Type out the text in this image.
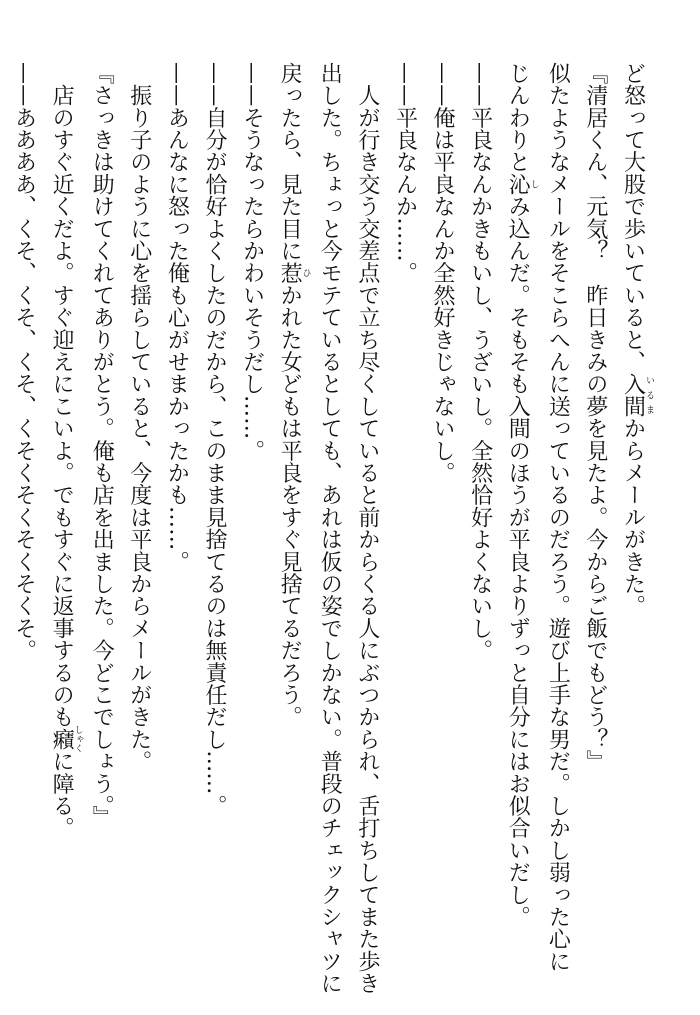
ど怒って大股で歩いていると、入間いるまからメールがきた。
『清居くん、元気？　昨日きみの夢を見たよ。今からご飯でもどう？』
似たようなメールをそこらへんに送っているのだろう。遊び上手な男だ。しかし弱った心に
じんわりと沁しみ込んだ。そもそも入間のほうが平良よりずっと自分にはお似合いだし。
——平良なんかきもいし、うざいし。全然恰好よくないし。
——俺は平良なんか全然好きじゃないし。
——平良なんか……。
　人が行き交う交差点で立ち尽くしていると前からくる人にぶつかられ、舌打ちしてまた歩き
出した。ちょっと今モテているとしても、あれは仮の姿でしかない。普段のチェックシャツに
戻ったら、見た目に惹ひかれた女どもは平良をすぐ見捨てるだろう。
——そうなったらかわいそうだし……。
——自分が恰好よくしたのだから、このまま見捨てるのは無責任だし……。
——あんなに怒った俺も心がせまかったかも……。
　振り子のように心を揺らしていると、今度は平良からメールがきた。
『さっきは助けてくれてありがとう。俺も店を出ました。今どこでしょう。』
　店のすぐ近くだよ。すぐ迎えにこいよ。でもすぐに返事するのも癪しゃくに障る。
——ああああ、くそ、くそ、くそ、くそくそくそくそくそ。
